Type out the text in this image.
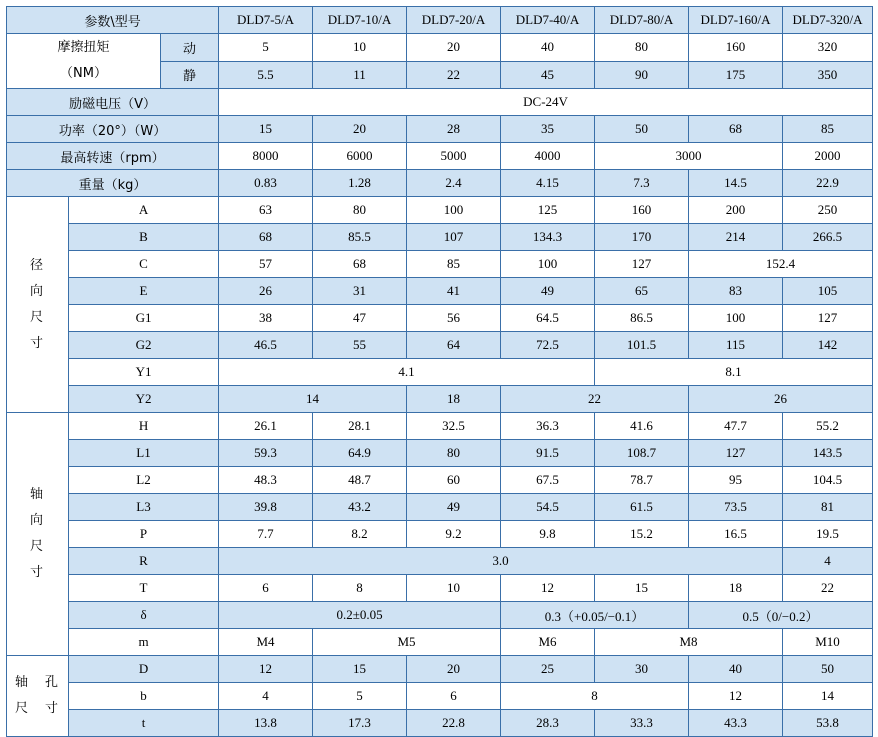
参数\型号			DLD7-5/A	DLD7-10/A	DLD7-20/A	DLD7-40/A	DLD7-80/A	DLD7-160/A	DLD7-320/A	

摩擦扭矩
（NM）		动	5	10	20	40	80	160	320	
		静	5.5	11	22	45	90	175	350	
励磁电压（V）			DC-24V							
功率（20°）（W）			15	20	28	35	50	68	85	
最高转速（rpm）			8000	6000	5000	4000	3000		2000	
重量（kg）			0.83	1.28	2.4	4.15	7.3	14.5	22.9	

径
向
尺
寸	A		63	80	100	125	160	200	250	
	B		68	85.5	107	134.3	170	214	266.5	
	C		57	68	85	100	127	152.4		
	E		26	31	41	49	65	83	105	
	G1		38	47	56	64.5	86.5	100	127	
	G2		46.5	55	64	72.5	101.5	115	142	
	Y1		4.1				8.1			
	Y2		14		18	22		26		

轴
向
尺
寸	H		26.1	28.1	32.5	36.3	41.6	47.7	55.2	
	L1		59.3	64.9	80	91.5	108.7	127	143.5	
	L2		48.3	48.7	60	67.5	78.7	95	104.5	
	L3		39.8	43.2	49	54.5	61.5	73.5	81	
	P		7.7	8.2	9.2	9.8	15.2	16.5	19.5	
	R		3.0						4	
	T		6	8	10	12	15	18	22	
	δ		0.2±0.05			0.3（+0.05/−0.1）		0.5（0/−0.2）		
	m		M4	M5		M6	M8		M10	

轴　孔
尺　寸	D		12	15	20	25	30	40	50	
	b		4	5	6	8		12	14	
	t		13.8	17.3	22.8	28.3	33.3	43.3	53.8	
